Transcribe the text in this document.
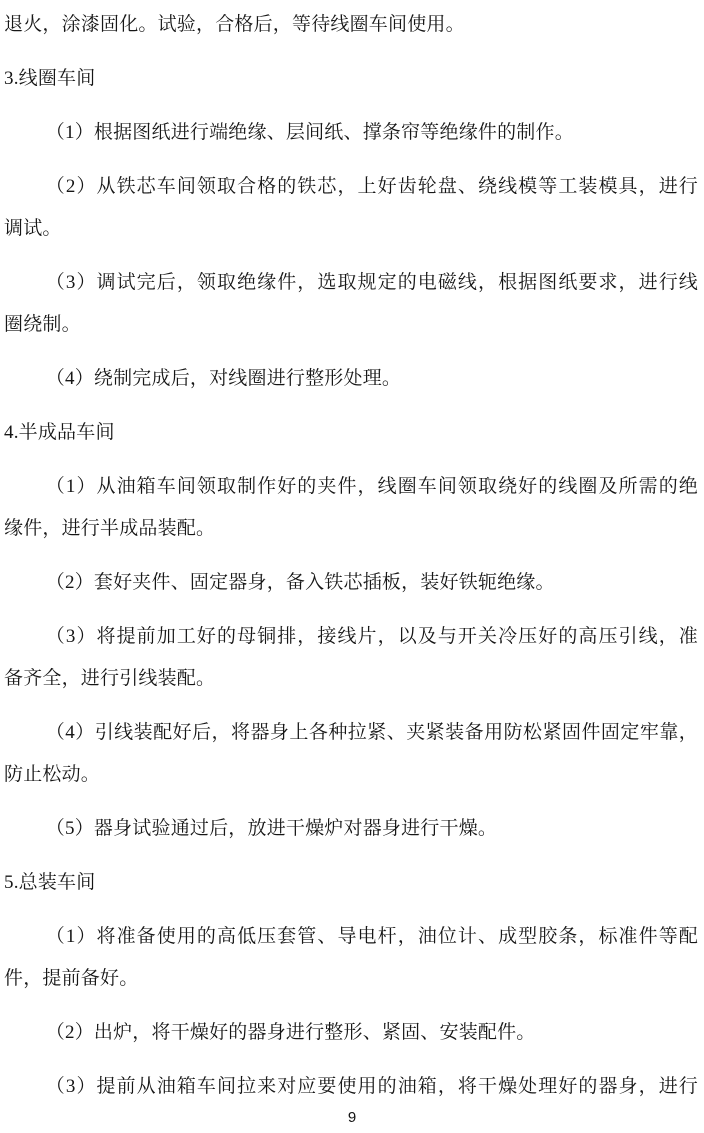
退火，涂漆固化。试验，合格后，等待线圈车间使用。
3.线圈车间
（1）根据图纸进行端绝缘、层间纸、撑条帘等绝缘件的制作。
（2）从铁芯车间领取合格的铁芯，上好齿轮盘、绕线模等工装模具，进行
调试。
（3）调试完后，领取绝缘件，选取规定的电磁线，根据图纸要求，进行线
圈绕制。
（4）绕制完成后，对线圈进行整形处理。
4.半成品车间
（1）从油箱车间领取制作好的夹件，线圈车间领取绕好的线圈及所需的绝
缘件，进行半成品装配。
（2）套好夹件、固定器身，备入铁芯插板，装好铁轭绝缘。
（3）将提前加工好的母铜排，接线片，以及与开关冷压好的高压引线，准
备齐全，进行引线装配。
（4）引线装配好后，将器身上各种拉紧、夹紧装备用防松紧固件固定牢靠，
防止松动。
（5）器身试验通过后，放进干燥炉对器身进行干燥。
5.总装车间
（1）将准备使用的高低压套管、导电杆，油位计、成型胶条，标准件等配
件，提前备好。
（2）出炉，将干燥好的器身进行整形、紧固、安装配件。
（3）提前从油箱车间拉来对应要使用的油箱，将干燥处理好的器身，进行
9
